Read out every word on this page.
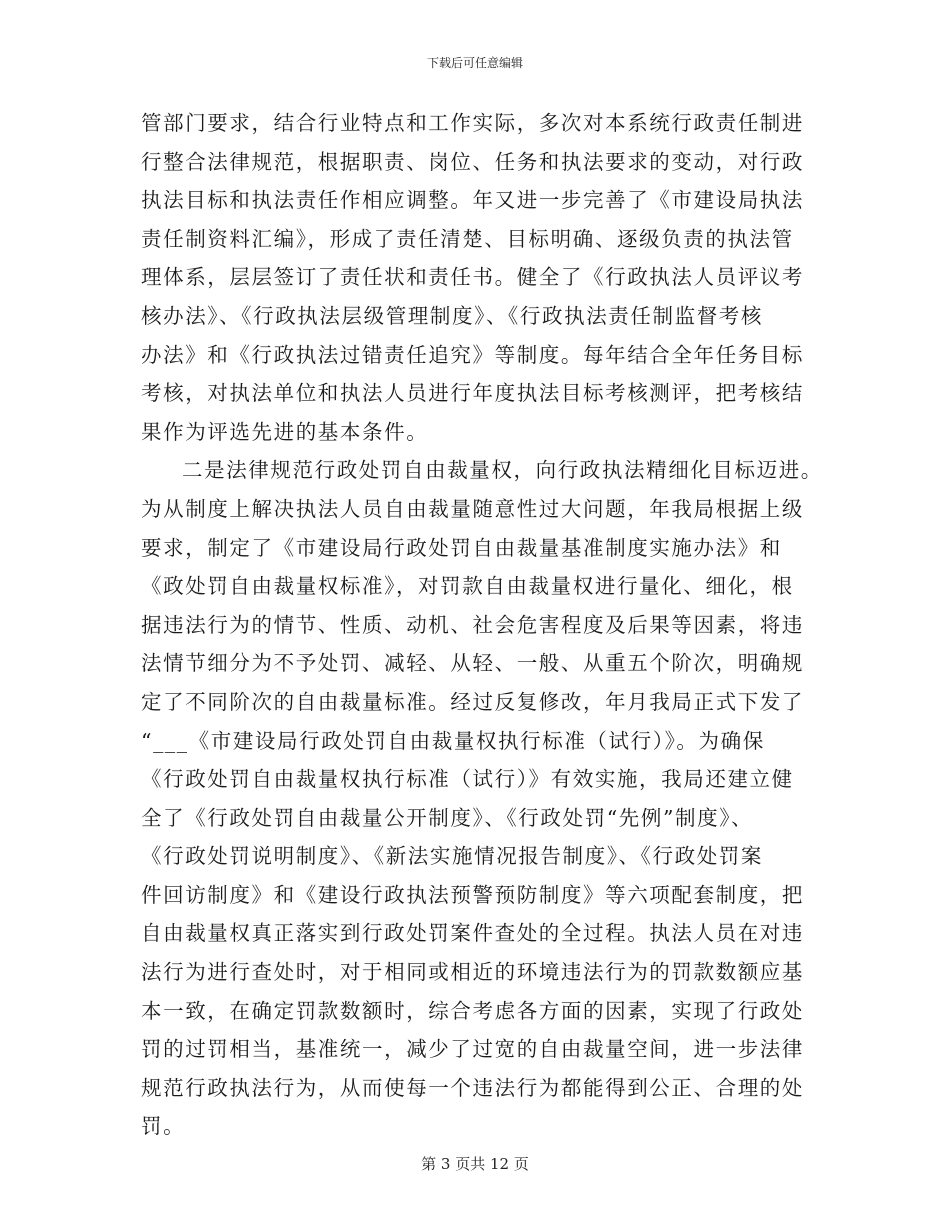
下载后可任意编辑
管部门要求，结合行业特点和工作实际，多次对本系统行政责任制进
行整合法律规范，根据职责、岗位、任务和执法要求的变动，对行政
执法目标和执法责任作相应调整。年又进一步完善了《市建设局执法
责任制资料汇编》，形成了责任清楚、目标明确、逐级负责的执法管
理体系，层层签订了责任状和责任书。健全了《行政执法人员评议考
核办法》、《行政执法层级管理制度》、《行政执法责任制监督考核
办法》和《行政执法过错责任追究》等制度。每年结合全年任务目标
考核，对执法单位和执法人员进行年度执法目标考核测评，把考核结
果作为评选先进的基本条件。
二是法律规范行政处罚自由裁量权，向行政执法精细化目标迈进。
为从制度上解决执法人员自由裁量随意性过大问题，年我局根据上级
要求，制定了《市建设局行政处罚自由裁量基准制度实施办法》和
《政处罚自由裁量权标准》，对罚款自由裁量权进行量化、细化，根
据违法行为的情节、性质、动机、社会危害程度及后果等因素，将违
法情节细分为不予处罚、减轻、从轻、一般、从重五个阶次，明确规
定了不同阶次的自由裁量标准。经过反复修改，年月我局正式下发了
“___《市建设局行政处罚自由裁量权执行标准（试行）》。为确保
《行政处罚自由裁量权执行标准（试行）》有效实施，我局还建立健
全了《行政处罚自由裁量公开制度》、《行政处罚“先例”制度》、
《行政处罚说明制度》、《新法实施情况报告制度》、《行政处罚案
件回访制度》和《建设行政执法预警预防制度》等六项配套制度，把
自由裁量权真正落实到行政处罚案件查处的全过程。执法人员在对违
法行为进行查处时，对于相同或相近的环境违法行为的罚款数额应基
本一致，在确定罚款数额时，综合考虑各方面的因素，实现了行政处
罚的过罚相当，基准统一，减少了过宽的自由裁量空间，进一步法律
规范行政执法行为，从而使每一个违法行为都能得到公正、合理的处
罚。
第 3 页共 12 页
